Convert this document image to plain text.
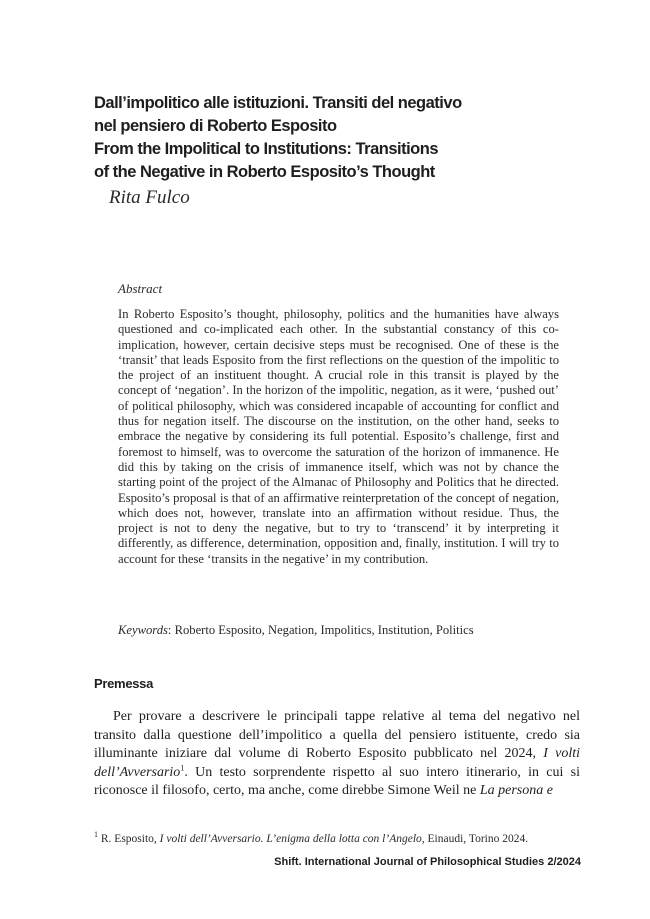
Dall’impolitico alle istituzioni. Transiti del negativo
nel pensiero di Roberto Esposito
From the Impolitical to Institutions: Transitions
of the Negative in Roberto Esposito’s Thought
Rita Fulco
Abstract

In Roberto Esposito’s thought, philosophy, politics and the humanities have always questioned and co-implicated each other. In the substantial constancy of this co-implication, however, certain decisive steps must be recognised. One of these is the ‘transit’ that leads Esposito from the first reflections on the question of the impolitic to the project of an instituent thought. A crucial role in this transit is played by the concept of ‘negation’. In the horizon of the impolitic, negation, as it were, ‘pushed out’ of political philosophy, which was considered incapable of accounting for conflict and thus for negation itself. The discourse on the institution, on the other hand, seeks to embrace the negative by considering its full potential. Esposito’s challenge, first and foremost to himself, was to overcome the saturation of the horizon of immanence. He did this by taking on the crisis of immanence itself, which was not by chance the starting point of the project of the Almanac of Philosophy and Politics that he directed. Esposito’s proposal is that of an affirmative reinterpretation of the concept of negation, which does not, however, translate into an affirmation without residue. Thus, the project is not to deny the negative, but to try to ‘transcend’ it by interpreting it differently, as difference, determination, opposition and, finally, institution. I will try to account for these ‘transits in the negative’ in my contribution.

Keywords: Roberto Esposito, Negation, Impolitics, Institution, Politics
Premessa

Per provare a descrivere le principali tappe relative al tema del negativo nel transito dalla questione dell’impolitico a quella del pensiero istituente, credo sia illuminante iniziare dal volume di Roberto Esposito pubblicato nel 2024, I volti dell’Avversario$^1$. Un testo sorprendente rispetto al suo intero itinerario, in cui si riconosce il filosofo, certo, ma anche, come direbbe Simone Weil ne La persona e

$^1$ R. Esposito, I volti dell’Avversario. L’enigma della lotta con l’Angelo, Einaudi, Torino 2024.
Shift. International Journal of Philosophical Studies 2/2024
